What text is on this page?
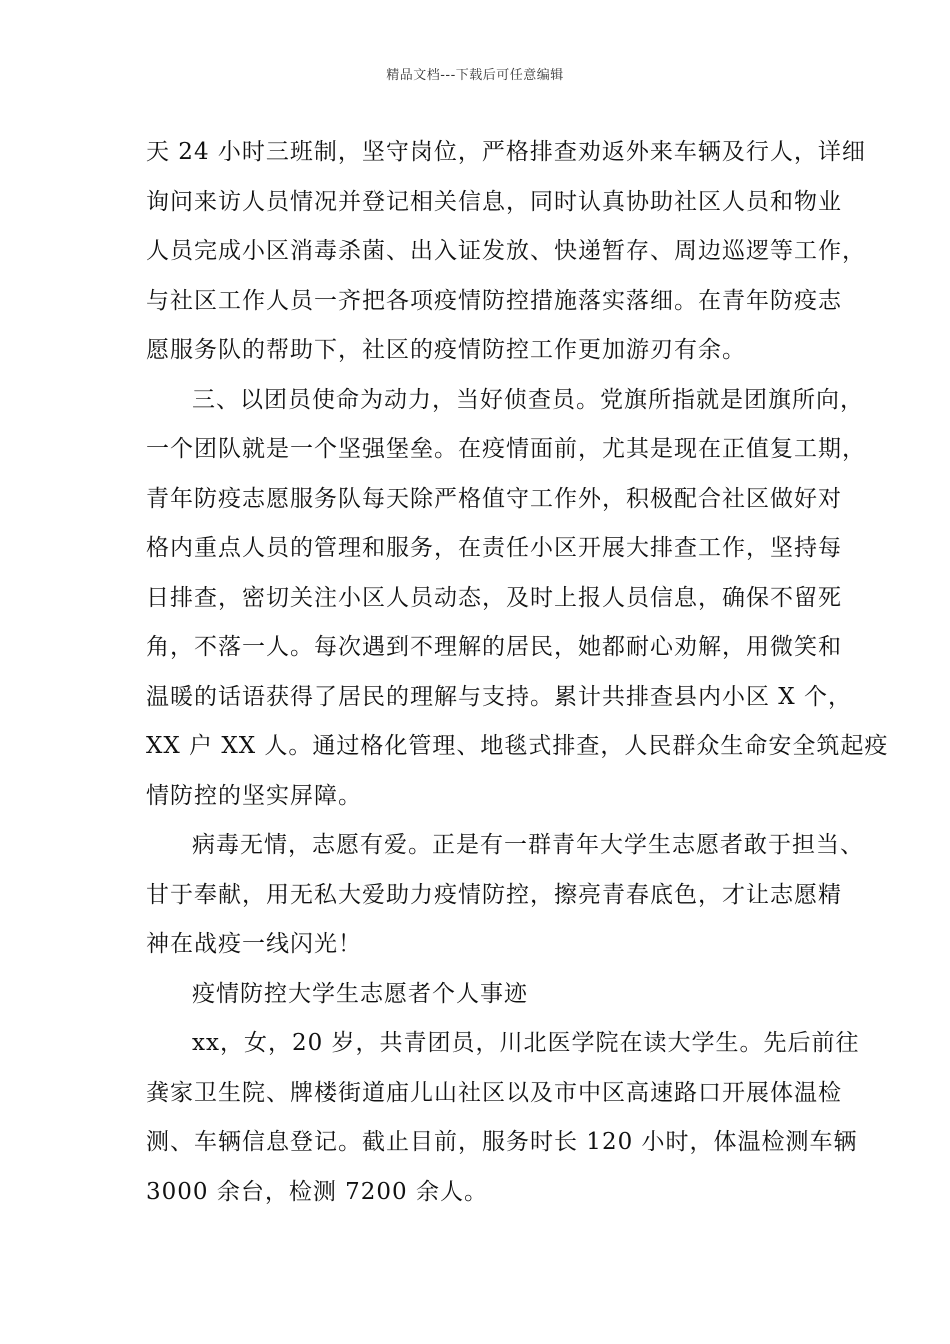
精品文档---下载后可任意编辑
天 24 小时三班制，坚守岗位，严格排查劝返外来车辆及行人，详细
询问来访人员情况并登记相关信息，同时认真协助社区人员和物业
人员完成小区消毒杀菌、出入证发放、快递暂存、周边巡逻等工作，
与社区工作人员一齐把各项疫情防控措施落实落细。在青年防疫志
愿服务队的帮助下，社区的疫情防控工作更加游刃有余。
三、以团员使命为动力，当好侦查员。党旗所指就是团旗所向，
一个团队就是一个坚强堡垒。在疫情面前，尤其是现在正值复工期，
青年防疫志愿服务队每天除严格值守工作外，积极配合社区做好对
格内重点人员的管理和服务，在责任小区开展大排查工作，坚持每
日排查，密切关注小区人员动态，及时上报人员信息，确保不留死
角，不落一人。每次遇到不理解的居民，她都耐心劝解，用微笑和
温暖的话语获得了居民的理解与支持。累计共排查县内小区 X 个，
XX 户 XX 人。通过格化管理、地毯式排查，人民群众生命安全筑起疫
情防控的坚实屏障。
病毒无情，志愿有爱。正是有一群青年大学生志愿者敢于担当、
甘于奉献，用无私大爱助力疫情防控，擦亮青春底色，才让志愿精
神在战疫一线闪光！
疫情防控大学生志愿者个人事迹
xx，女，20 岁，共青团员，川北医学院在读大学生。先后前往
龚家卫生院、牌楼街道庙儿山社区以及市中区高速路口开展体温检
测、车辆信息登记。截止目前，服务时长 120 小时，体温检测车辆
3000 余台，检测 7200 余人。
